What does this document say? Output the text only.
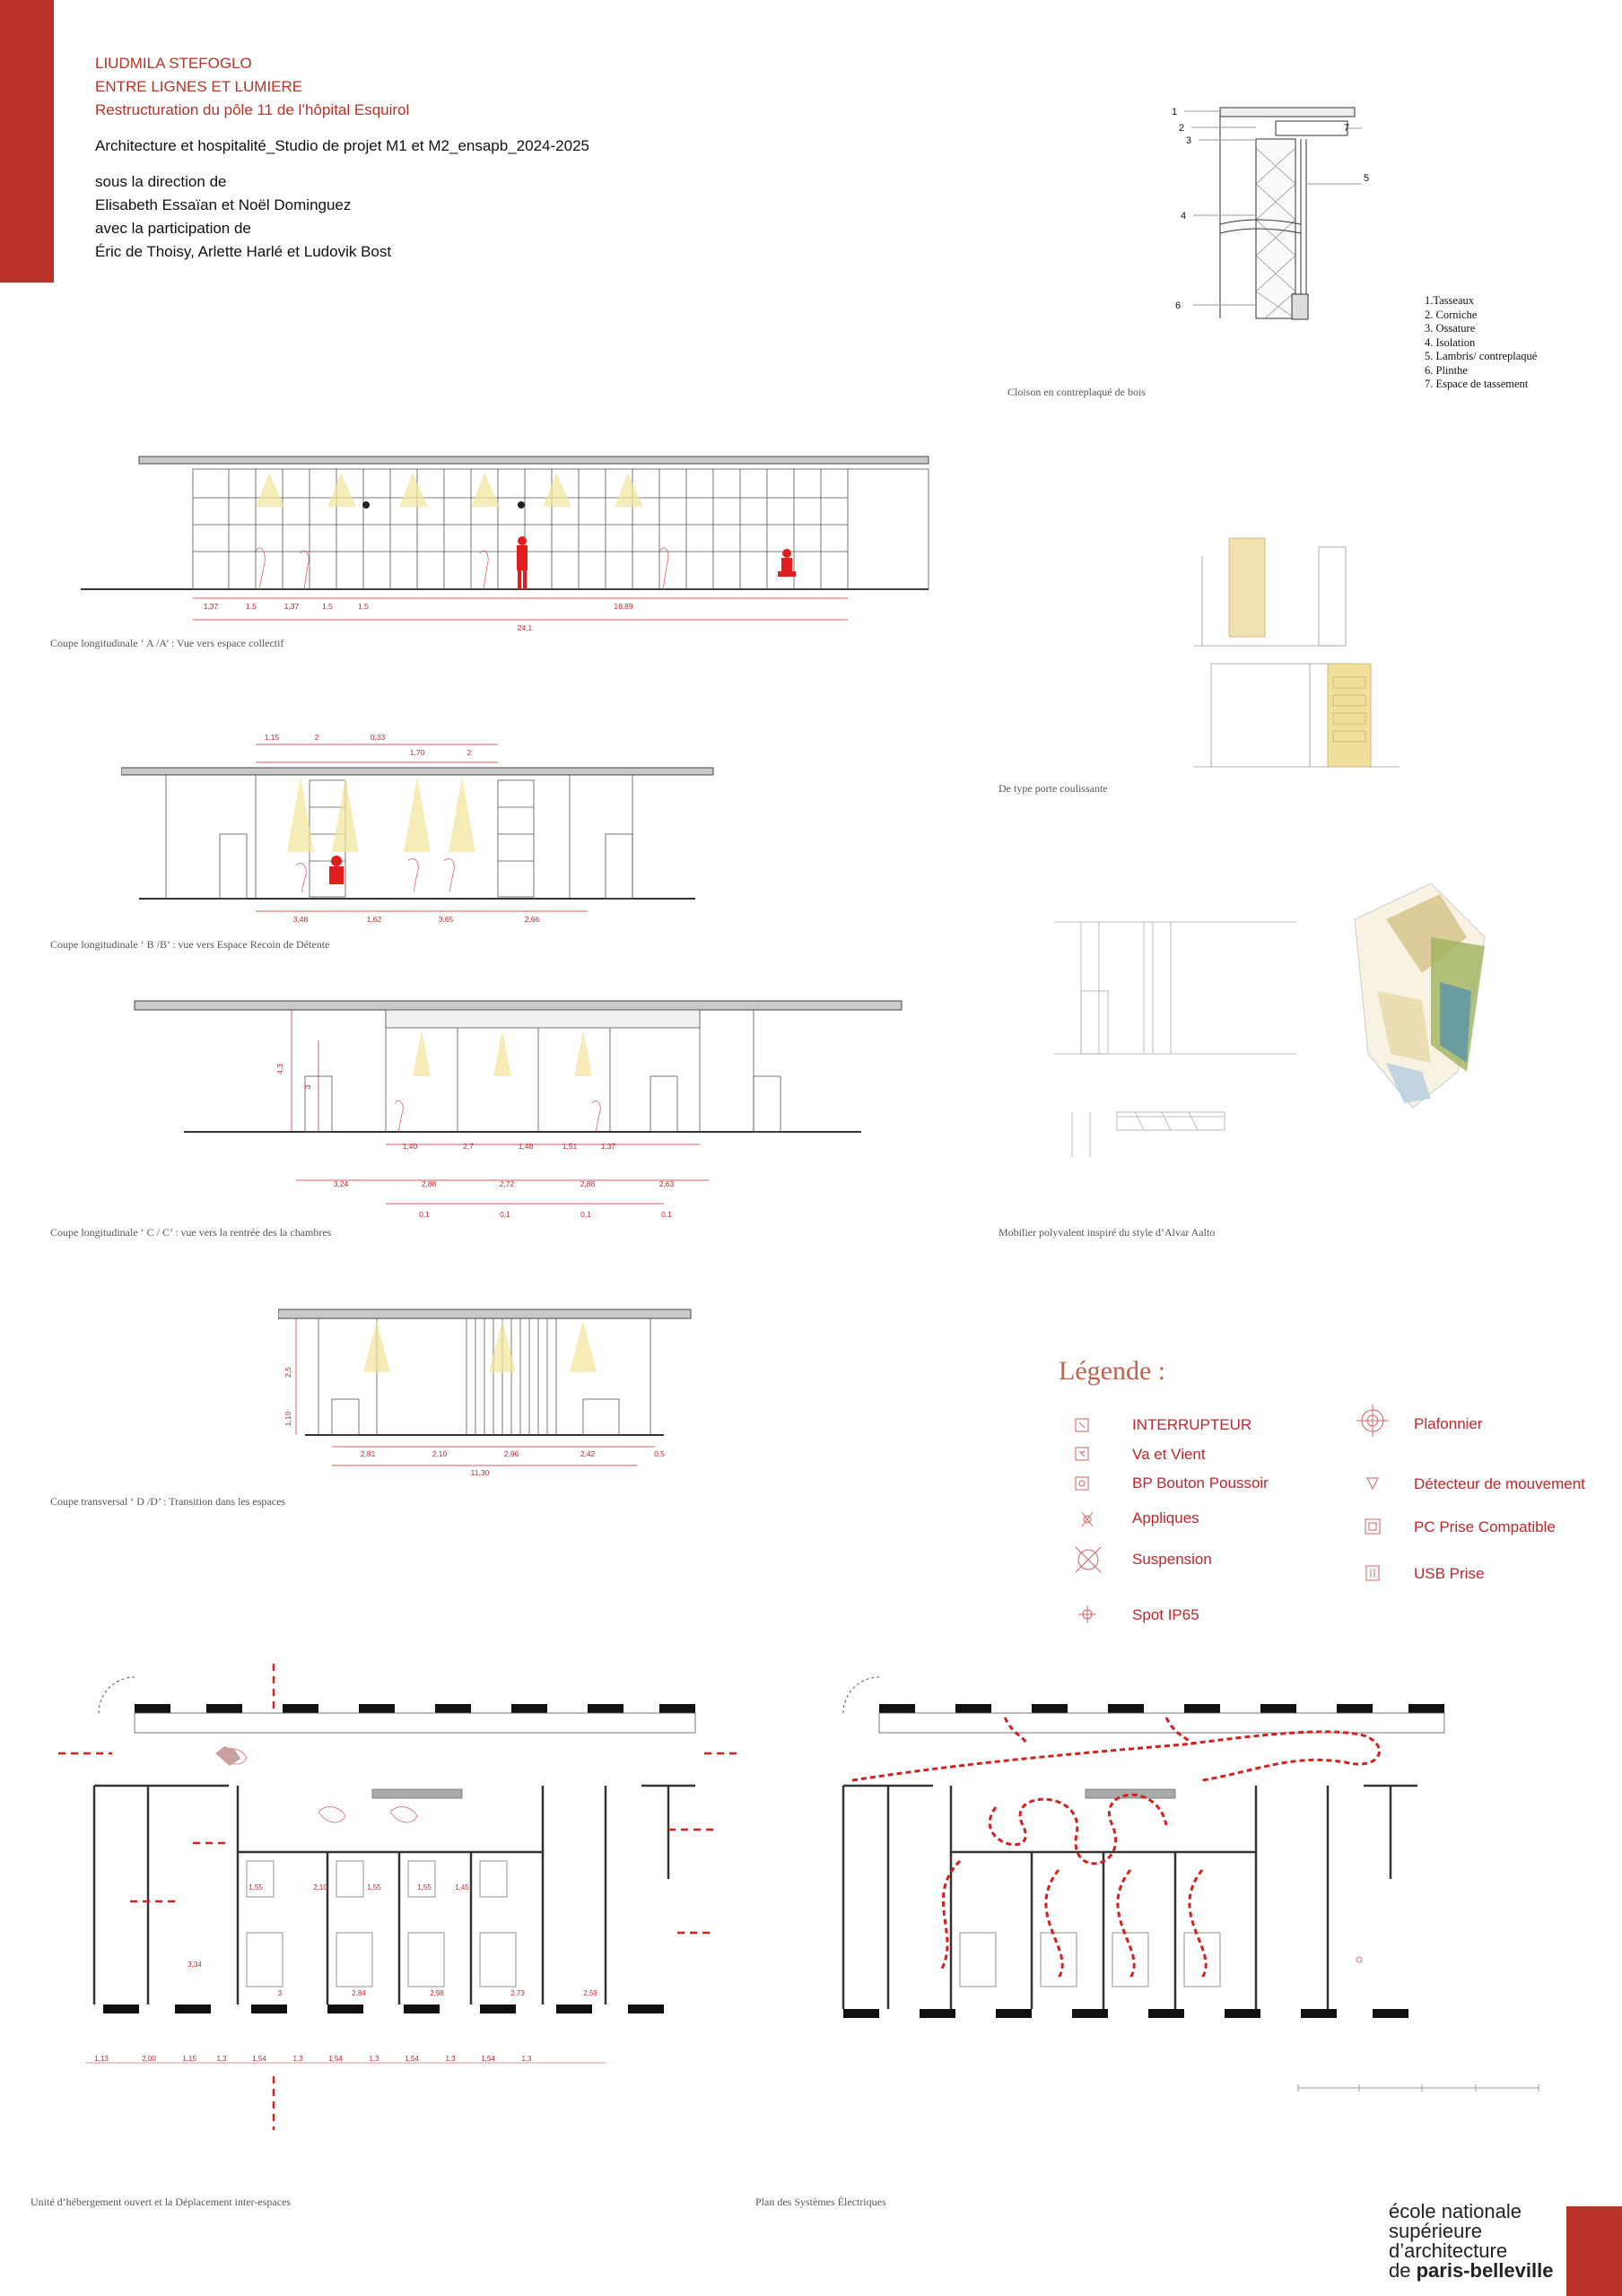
LIUDMILA STEFOGLO
ENTRE LIGNES ET LUMIERE
Restructuration du pôle 11 de l’hôpital Esquirol
Architecture et hospitalité_Studio de projet M1 et M2_ensapb_2024-2025
sous la direction de
Elisabeth Essaïan et Noël Dominguez
avec la participation de
Éric de Thoisy, Arlette Harlé et Ludovik Bost
1
2
3
4
5
6
7
1.Tasseaux
2. Corniche
3. Ossature
4. Isolation
5. Lambris/ contreplaqué
6. Plinthe
7. Espace de tassement
Cloison en contreplaqué de bois
1,37	1,5	1,37	1,5	1,5	18,89
24,1
Coupe longitudinale ‘ A /A’ : Vue vers espace collectif
De type porte coulissante
1.15	2	0,33
1.70	2
3,48	1,62	3.65	2,66
Coupe longitudinale ‘ B /B’ : vue vers Espace Recoin de Détente
Mobilier polyvalent inspiré du style d’Alvar Aalto
4,3
3
1,40	2,7	1,48	1,51	1,37
3,24	2,88	2,72	2,88	2,63
0,1	0,1	0,1	0,1
Coupe longitudinale ‘ C / C’ : vue vers la rentrée des la chambres
2,5
1,10
2,81	2,10	2,96	2,42	0,5
11,30
Coupe transversal ‘ D /D’ : Transition dans les espaces
Légende :
INTERRUPTEUR
Va et Vient
BP Bouton Poussoir
Appliques
Suspension
Spot IP65
Plafonnier
Détecteur de mouvement
PC Prise Compatible
USB Prise
1,55	2,10	1,55	1,55	1,45
3,34
3	2,84	2,98	2,73	2,59
1,13	2,00	1,15	1,3	1,54	1,3	1,54	1,3	1,54	1,3	1,54	1,3
Unité d’hébergement ouvert et la Déplacement inter-espaces	Plan des Systèmes Électriques	école nationale
supérieure
d’architecture
de paris-belleville
